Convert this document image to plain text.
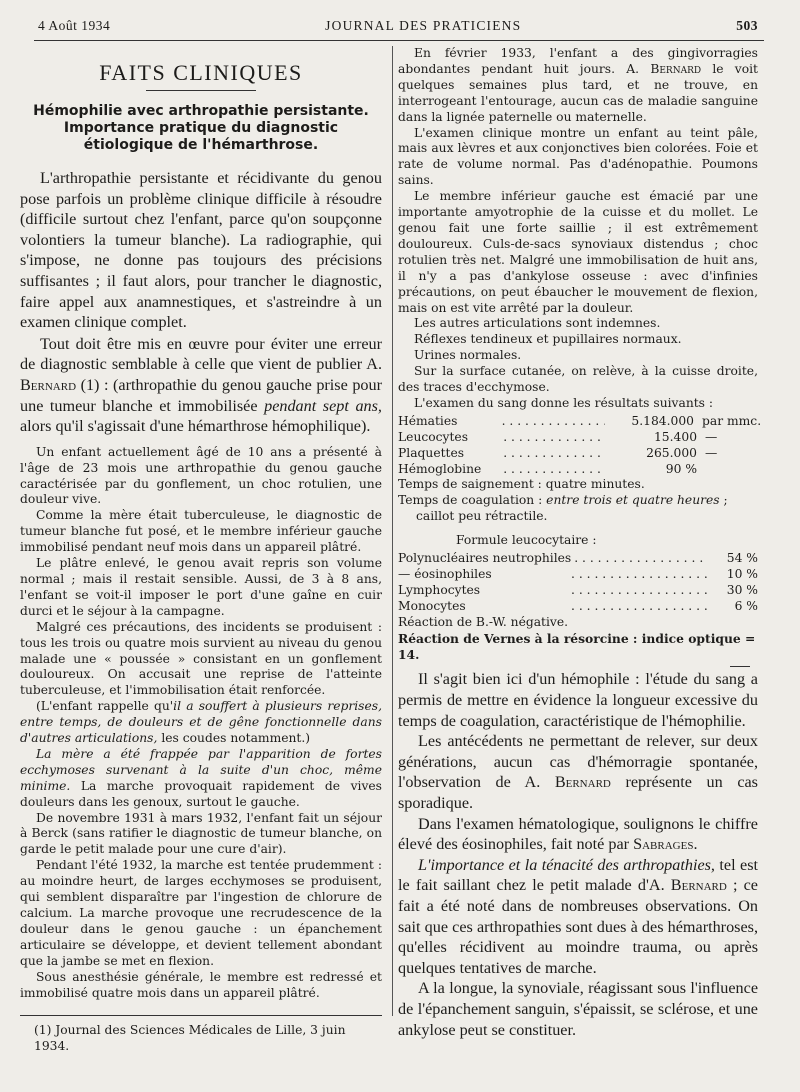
4 Août 1934	JOURNAL DES PRATICIENS	503
FAITS CLINIQUES
Hémophilie avec arthropathie persistante.
Importance pratique du diagnostic
étiologique de l'hémarthrose.

L'arthropathie persistante et récidivante du genou pose parfois un problème clinique difficile à résoudre (difficile surtout chez l'enfant, parce qu'on soupçonne volontiers la tumeur blanche). La radiographie, qui s'impose, ne donne pas toujours des précisions suffisantes ; il faut alors, pour trancher le diagnostic, faire appel aux anamnestiques, et s'astreindre à un examen clinique complet.

Tout doit être mis en œuvre pour éviter une erreur de diagnostic semblable à celle que vient de publier A. Bernard (1) : (arthropathie du genou gauche prise pour une tumeur blanche et immobilisée pendant sept ans, alors qu'il s'agissait d'une hémarthrose hémophilique).

Un enfant actuellement âgé de 10 ans a présenté à l'âge de 23 mois une arthropathie du genou gauche caractérisée par du gonflement, un choc rotulien, une douleur vive.

Comme la mère était tuberculeuse, le diagnostic de tumeur blanche fut posé, et le membre inférieur gauche immobilisé pendant neuf mois dans un appareil plâtré.

Le plâtre enlevé, le genou avait repris son volume normal ; mais il restait sensible. Aussi, de 3 à 8 ans, l'enfant se voit-il imposer le port d'une gaîne en cuir durci et le séjour à la campagne.

Malgré ces précautions, des incidents se produisent : tous les trois ou quatre mois survient au niveau du genou malade une « poussée » consistant en un gonflement douloureux. On accusait une reprise de l'atteinte tuberculeuse, et l'immobilisation était renforcée.

(L'enfant rappelle qu'il a souffert à plusieurs reprises, entre temps, de douleurs et de gêne fonctionnelle dans d'autres articulations, les coudes notamment.)

La mère a été frappée par l'apparition de fortes ecchymoses survenant à la suite d'un choc, même minime. La marche provoquait rapidement de vives douleurs dans les genoux, surtout le gauche.

De novembre 1931 à mars 1932, l'enfant fait un séjour à Berck (sans ratifier le diagnostic de tumeur blanche, on garde le petit malade pour une cure d'air).

Pendant l'été 1932, la marche est tentée prudemment : au moindre heurt, de larges ecchymoses se produisent, qui semblent disparaître par l'ingestion de chlorure de calcium. La marche provoque une recrudescence de la douleur dans le genou gauche : un épanchement articulaire se développe, et devient tellement abondant que la jambe se met en flexion.

Sous anesthésie générale, le membre est redressé et immobilisé quatre mois dans un appareil plâtré.

(1) Journal des Sciences Médicales de Lille, 3 juin 1934.

En février 1933, l'enfant a des gingivorragies abondantes pendant huit jours. A. Bernard le voit quelques semaines plus tard, et ne trouve, en interrogeant l'entourage, aucun cas de maladie sanguine dans la lignée paternelle ou maternelle.

L'examen clinique montre un enfant au teint pâle, mais aux lèvres et aux conjonctives bien colorées. Foie et rate de volume normal. Pas d'adénopathie. Poumons sains.

Le membre inférieur gauche est émacié par une importante amyotrophie de la cuisse et du mollet. Le genou fait une forte saillie ; il est extrêmement douloureux. Culs-de-sacs synoviaux distendus ; choc rotulien très net. Malgré une immobilisation de huit ans, il n'y a pas d'ankylose osseuse : avec d'infinies précautions, on peut ébaucher le mouvement de flexion, mais on est vite arrêté par la douleur.

Les autres articulations sont indemnes.

Réflexes tendineux et pupillaires normaux.

Urines normales.

Sur la surface cutanée, on relève, à la cuisse droite, des traces d'ecchymose.

L'examen du sang donne les résultats suivants :

Hématies . . .	5.184.000 par mmc.
Leucocytes . . .	15.400 —
Plaquettes . . .	265.000 —
Hémoglobine . . .	90 %

Temps de saignement : quatre minutes.

Temps de coagulation : entre trois et quatre heures ;

caillot peu rétractile.

Formule leucocytaire :
Polynucléaires neutrophiles . . .	54 %
— éosinophiles . . .	10 %
Lymphocytes . . .	30 %
Monocytes . . .	6 %

Réaction de B.-W. négative.

Réaction de Vernes à la résorcine : indice optique = 14.

Il s'agit bien ici d'un hémophile : l'étude du sang a permis de mettre en évidence la longueur excessive du temps de coagulation, caractéristique de l'hémophilie.

Les antécédents ne permettant de relever, sur deux générations, aucun cas d'hémorragie spontanée, l'observation de A. Bernard représente un cas sporadique.

Dans l'examen hématologique, soulignons le chiffre élevé des éosinophiles, fait noté par Sabrages.

L'importance et la ténacité des arthropathies, tel est le fait saillant chez le petit malade d'A. Bernard ; ce fait a été noté dans de nombreuses observations. On sait que ces arthropathies sont dues à des hémarthroses, qu'elles récidivent au moindre trauma, ou après quelques tentatives de marche.

A la longue, la synoviale, réagissant sous l'influence de l'épanchement sanguin, s'épaissit, se sclérose, et une ankylose peut se constituer.
